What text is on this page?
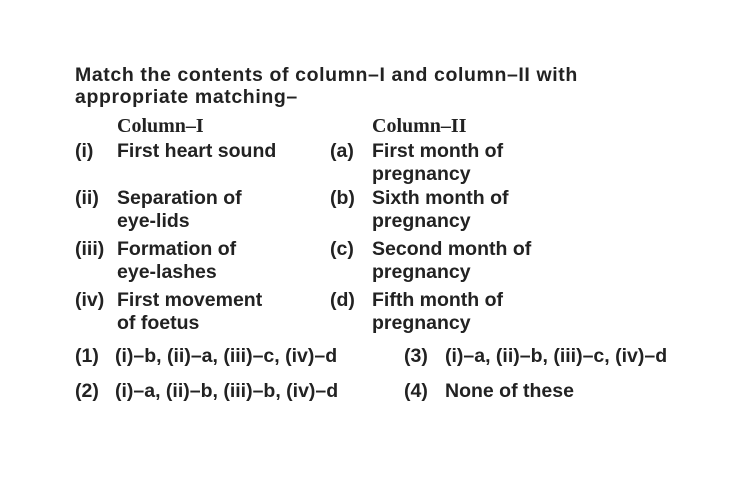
Match the contents of column–I and column–II with appropriate matching–
Column–I	Column–II
(i) First heart sound
(ii) Separation of eye-lids
(iii) Formation of eye-lashes
(iv) First movement of foetus
(a) First month of pregnancy
(b) Sixth month of pregnancy
(c) Second month of pregnancy
(d) Fifth month of pregnancy
(1) (i)–b, (ii)–a, (iii)–c, (iv)–d
(2) (i)–a, (ii)–b, (iii)–b, (iv)–d
(3) (i)–a, (ii)–b, (iii)–c, (iv)–d
(4) None of these
